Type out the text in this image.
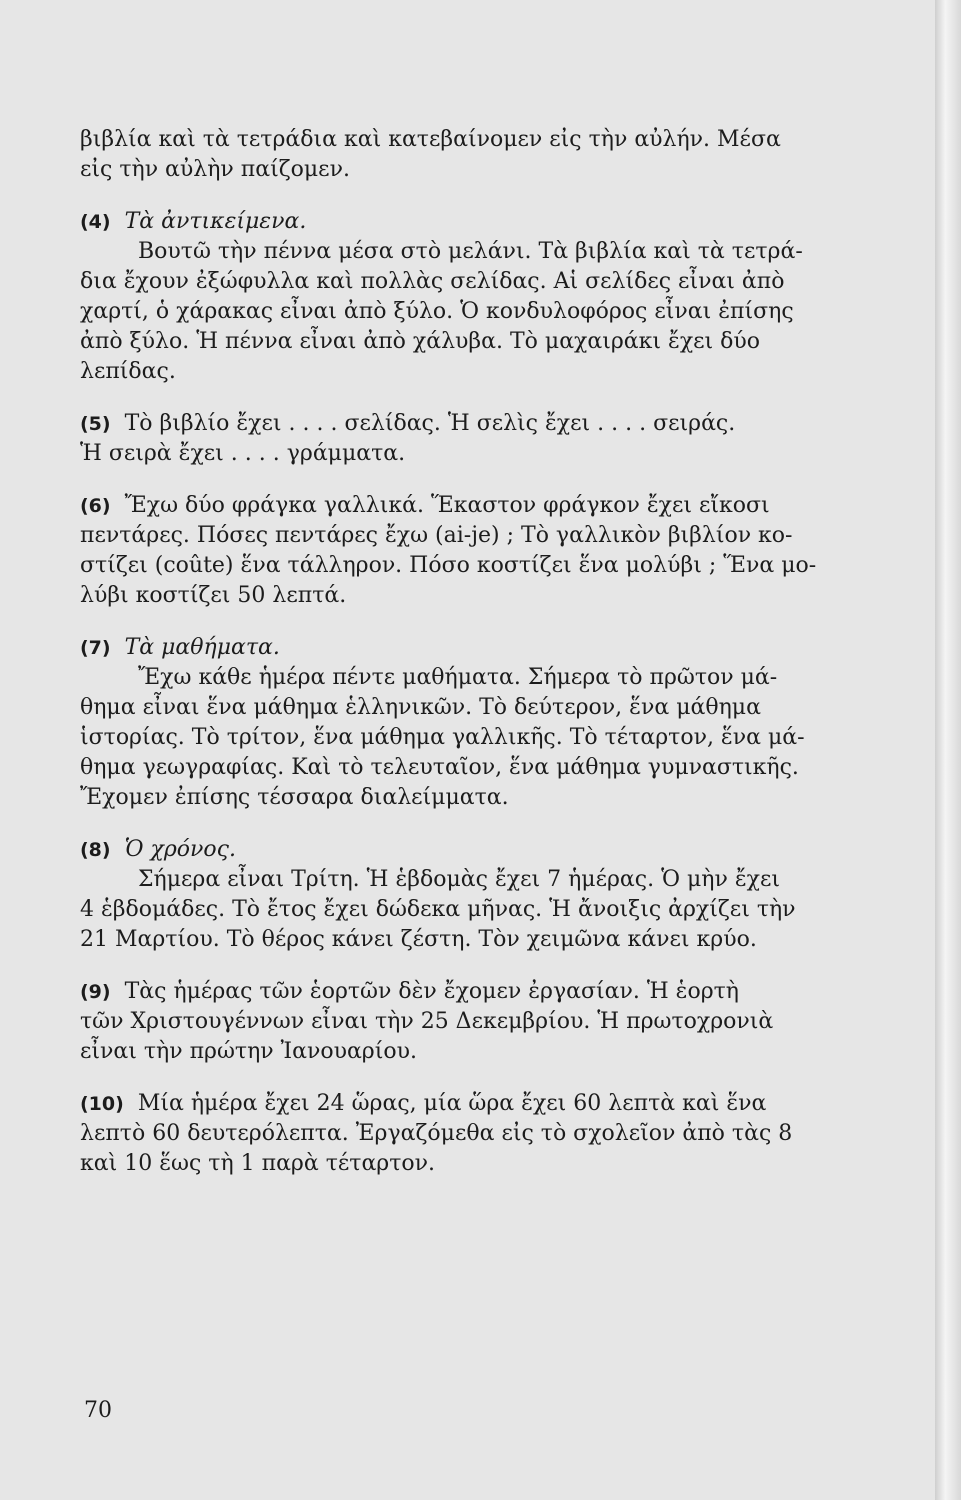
βιβλία καὶ τὰ τετράδια καὶ κατεβαίνομεν εἰς τὴν αὐλήν. Μέσα
εἰς τὴν αὐλὴν παίζομεν.
(4) Τὰ ἀντικείμενα.
Βουτῶ τὴν πέννα μέσα στὸ μελάνι. Τὰ βιβλία καὶ τὰ τετρά-
δια ἔχουν ἐξώφυλλα καὶ πολλὰς σελίδας. Αἱ σελίδες εἶναι ἀπὸ
χαρτί, ὁ χάρακας εἶναι ἀπὸ ξύλο. Ὁ κονδυλοφόρος εἶναι ἐπίσης
ἀπὸ ξύλο. Ἡ πέννα εἶναι ἀπὸ χάλυβα. Τὸ μαχαιράκι ἔχει δύο
λεπίδας.
(5) Τὸ βιβλίο ἔχει . . . . σελίδας. Ἡ σελὶς ἔχει . . . . σειράς.
Ἡ σειρὰ ἔχει . . . . γράμματα.
(6) Ἔχω δύο φράγκα γαλλικά. Ἕκαστον φράγκον ἔχει εἴκοσι
πεντάρες. Πόσες πεντάρες ἔχω (ai-je) ; Τὸ γαλλικὸν βιβλίον κο-
στίζει (coûte) ἕνα τάλληρον. Πόσο κοστίζει ἕνα μολύβι ; Ἕνα μο-
λύβι κοστίζει 50 λεπτά.
(7) Τὰ μαθήματα.
Ἔχω κάθε ἡμέρα πέντε μαθήματα. Σήμερα τὸ πρῶτον μά-
θημα εἶναι ἕνα μάθημα ἑλληνικῶν. Τὸ δεύτερον, ἕνα μάθημα
ἱστορίας. Τὸ τρίτον, ἕνα μάθημα γαλλικῆς. Τὸ τέταρτον, ἕνα μά-
θημα γεωγραφίας. Καὶ τὸ τελευταῖον, ἕνα μάθημα γυμναστικῆς.
Ἔχομεν ἐπίσης τέσσαρα διαλείμματα.
(8) Ὁ χρόνος.
Σήμερα εἶναι Τρίτη. Ἡ ἑβδομὰς ἔχει 7 ἡμέρας. Ὁ μὴν ἔχει
4 ἑβδομάδες. Τὸ ἔτος ἔχει δώδεκα μῆνας. Ἡ ἄνοιξις ἀρχίζει τὴν
21 Μαρτίου. Τὸ θέρος κάνει ζέστη. Τὸν χειμῶνα κάνει κρύο.
(9) Τὰς ἡμέρας τῶν ἑορτῶν δὲν ἔχομεν ἐργασίαν. Ἡ ἑορτὴ
τῶν Χριστουγέννων εἶναι τὴν 25 Δεκεμβρίου. Ἡ πρωτοχρονιὰ
εἶναι τὴν πρώτην Ἰανουαρίου.
(10) Μία ἡμέρα ἔχει 24 ὥρας, μία ὥρα ἔχει 60 λεπτὰ καὶ ἕνα
λεπτὸ 60 δευτερόλεπτα. Ἐργαζόμεθα εἰς τὸ σχολεῖον ἀπὸ τὰς 8
καὶ 10 ἕως τὴ 1 παρὰ τέταρτον.
70
